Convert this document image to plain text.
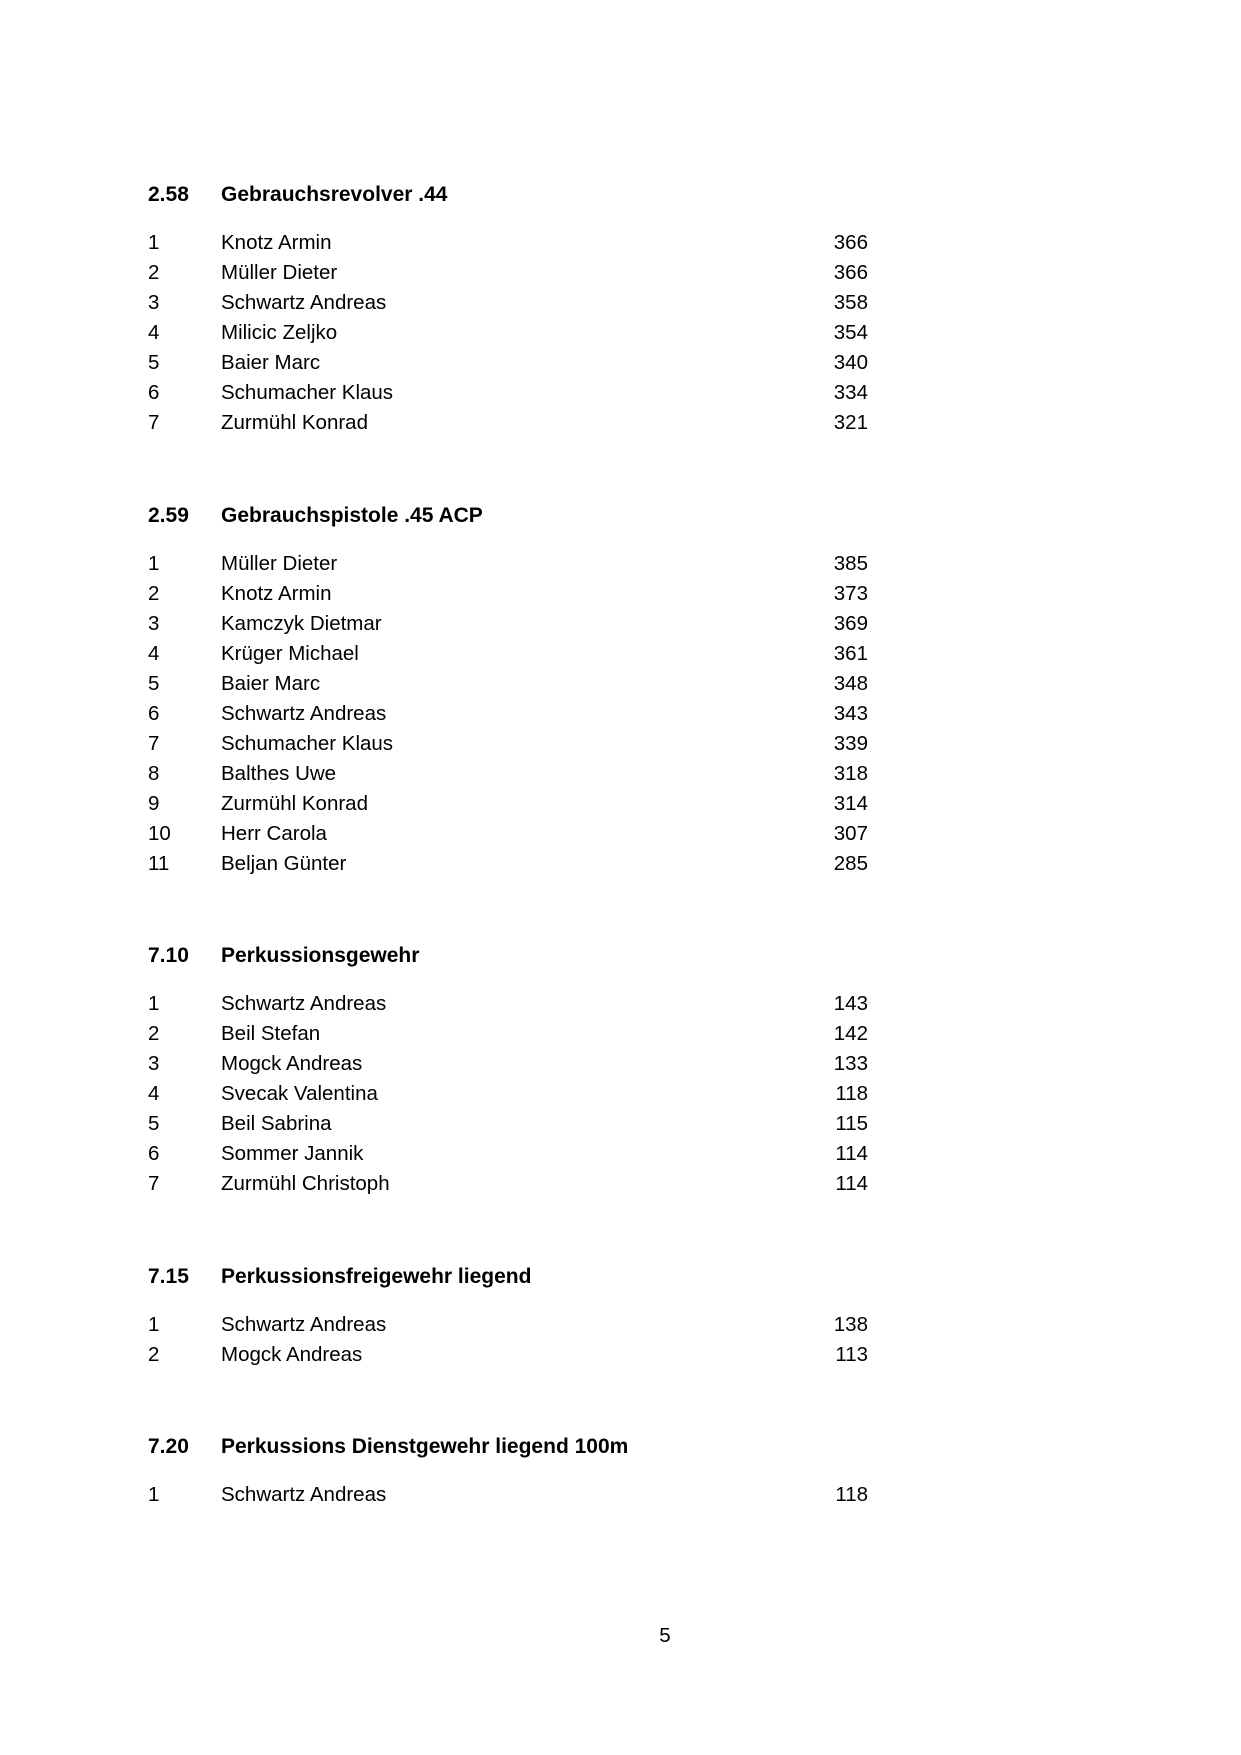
2.58	Gebrauchsrevolver .44
1	Knotz Armin	366
2	Müller Dieter	366
3	Schwartz Andreas	358
4	Milicic Zeljko	354
5	Baier Marc	340
6	Schumacher Klaus	334
7	Zurmühl Konrad	321
2.59	Gebrauchspistole .45 ACP
1	Müller Dieter	385
2	Knotz Armin	373
3	Kamczyk Dietmar	369
4	Krüger Michael	361
5	Baier Marc	348
6	Schwartz Andreas	343
7	Schumacher Klaus	339
8	Balthes Uwe	318
9	Zurmühl Konrad	314
10	Herr Carola	307
11	Beljan Günter	285
7.10	Perkussionsgewehr
1	Schwartz Andreas	143
2	Beil Stefan	142
3	Mogck Andreas	133
4	Svecak Valentina	118
5	Beil Sabrina	115
6	Sommer Jannik	114
7	Zurmühl Christoph	114
7.15	Perkussionsfreigewehr liegend
1	Schwartz Andreas	138
2	Mogck Andreas	113
7.20	Perkussions Dienstgewehr liegend 100m
1	Schwartz Andreas	118
5
